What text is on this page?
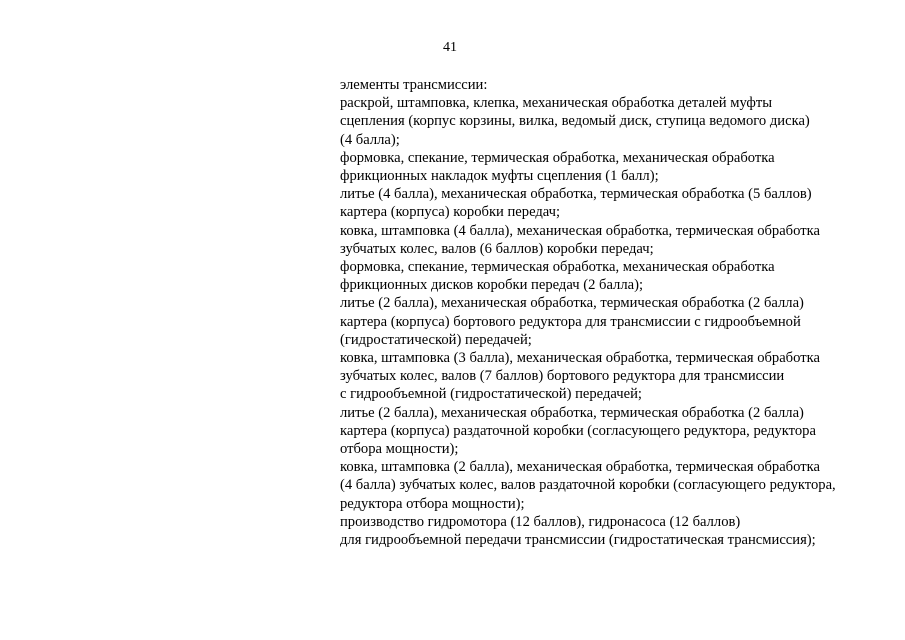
41
элементы трансмиссии:
раскрой, штамповка, клепка, механическая обработка деталей муфты
сцепления (корпус корзины, вилка, ведомый диск, ступица ведомого диска)
(4 балла);
формовка, спекание, термическая обработка, механическая обработка
фрикционных накладок муфты сцепления (1 балл);
литье (4 балла), механическая обработка, термическая обработка (5 баллов)
картера (корпуса) коробки передач;
ковка, штамповка (4 балла), механическая обработка, термическая обработка
зубчатых колес, валов (6 баллов) коробки передач;
формовка, спекание, термическая обработка, механическая обработка
фрикционных дисков коробки передач (2 балла);
литье (2 балла), механическая обработка, термическая обработка (2 балла)
картера (корпуса) бортового редуктора для трансмиссии с гидрообъемной
(гидростатической) передачей;
ковка, штамповка (3 балла), механическая обработка, термическая обработка
зубчатых колес, валов (7 баллов) бортового редуктора для трансмиссии
с гидрообъемной (гидростатической) передачей;
литье (2 балла), механическая обработка, термическая обработка (2 балла)
картера (корпуса) раздаточной коробки (согласующего редуктора, редуктора
отбора мощности);
ковка, штамповка (2 балла), механическая обработка, термическая обработка
(4 балла) зубчатых колес, валов раздаточной коробки (согласующего редуктора,
редуктора отбора мощности);
производство гидромотора (12 баллов), гидронасоса (12 баллов)
для гидрообъемной передачи трансмиссии (гидростатическая трансмиссия);
